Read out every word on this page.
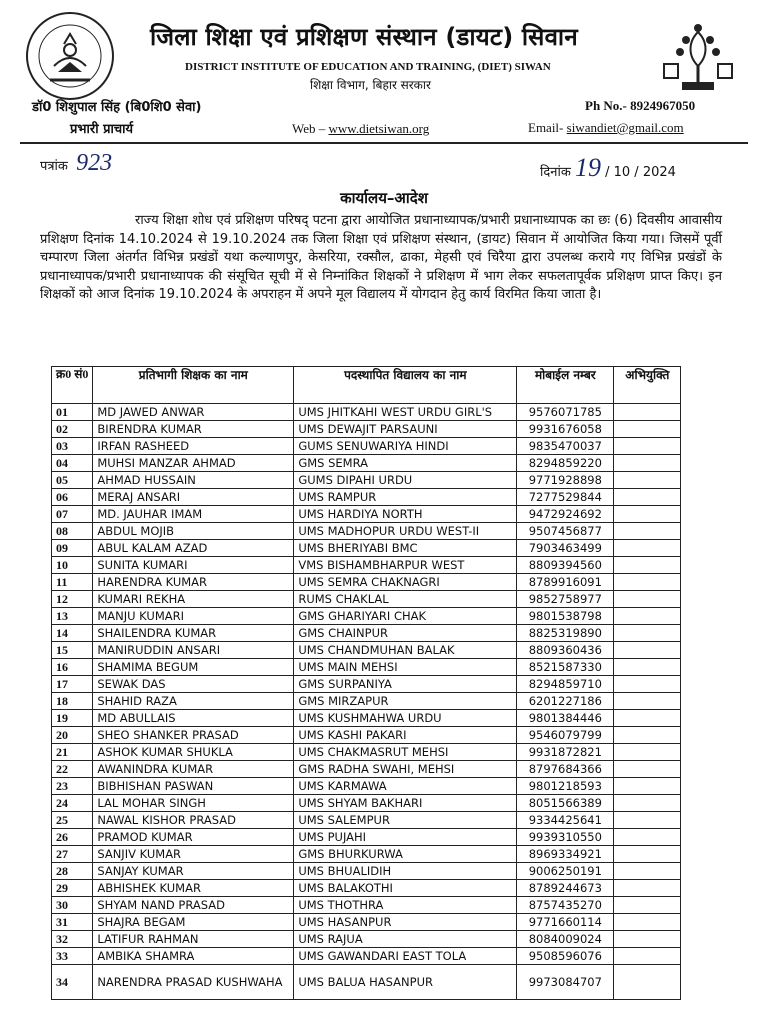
जिला शिक्षा एवं प्रशिक्षण संस्थान (डायट) सिवान
DISTRICT INSTITUTE OF EDUCATION AND TRAINING, (DIET) SIWAN
शिक्षा विभाग, बिहार सरकार
डॉ0 शिशुपाल सिंह (बि0शि0 सेवा)
प्रभारी प्राचार्य
Ph No.- 8924967050
Web – www.dietsiwan.org	Email- siwandiet@gmail.com
पत्रांक 923	दिनांक 19 / 10 / 2024
कार्यालय–आदेश
राज्य शिक्षा शोध एवं प्रशिक्षण परिषद् पटना द्वारा आयोजित प्रधानाध्यापक/प्रभारी प्रधानाध्यापक का छः (6) दिवसीय आवासीय प्रशिक्षण दिनांक 14.10.2024 से 19.10.2024 तक जिला शिक्षा एवं प्रशिक्षण संस्थान, (डायट) सिवान में आयोजित किया गया। जिसमें पूर्वी चम्पारण जिला अंतर्गत विभिन्न प्रखंडों यथा कल्याणपुर, केसरिया, रक्सौल, ढाका, मेहसी एवं चिरैया द्वारा उपलब्ध कराये गए विभिन्न प्रखंडों के प्रधानाध्यापक/प्रभारी प्रधानाध्यापक की संसूचित सूची में से निम्नांकित शिक्षकों ने प्रशिक्षण में भाग लेकर सफलतापूर्वक प्रशिक्षण प्राप्त किए। इन शिक्षकों को आज दिनांक 19.10.2024 के अपराहन में अपने मूल विद्यालय में योगदान हेतु कार्य विरमित किया जाता है।
क्र0 सं0	प्रतिभागी शिक्षक का नाम	पदस्थापित विद्यालय का नाम	मोबाईल नम्बर	अभियुक्ति
01	MD JAWED ANWAR	UMS JHITKAHI WEST URDU GIRL'S	9576071785	
02	BIRENDRA KUMAR	UMS DEWAJIT PARSAUNI	9931676058	
03	IRFAN RASHEED	GUMS SENUWARIYA HINDI	9835470037	
04	MUHSI MANZAR AHMAD	GMS SEMRA	8294859220	
05	AHMAD HUSSAIN	GUMS DIPAHI URDU	9771928898	
06	MERAJ ANSARI	UMS RAMPUR	7277529844	
07	MD. JAUHAR IMAM	UMS HARDIYA NORTH	9472924692	
08	ABDUL MOJIB	UMS MADHOPUR URDU WEST-II	9507456877	
09	ABUL KALAM AZAD	UMS BHERIYABI BMC	7903463499	
10	SUNITA KUMARI	VMS BISHAMBHARPUR WEST	8809394560	
11	HARENDRA KUMAR	UMS SEMRA CHAKNAGRI	8789916091	
12	KUMARI REKHA	RUMS CHAKLAL	9852758977	
13	MANJU KUMARI	GMS GHARIYARI CHAK	9801538798	
14	SHAILENDRA KUMAR	GMS CHAINPUR	8825319890	
15	MANIRUDDIN ANSARI	UMS CHANDMUHAN BALAK	8809360436	
16	SHAMIMA BEGUM	UMS MAIN MEHSI	8521587330	
17	SEWAK DAS	GMS SURPANIYA	8294859710	
18	SHAHID RAZA	GMS MIRZAPUR	6201227186	
19	MD ABULLAIS	UMS KUSHMAHWA URDU	9801384446	
20	SHEO SHANKER PRASAD	UMS KASHI PAKARI	9546079799	
21	ASHOK KUMAR SHUKLA	UMS CHAKMASRUT MEHSI	9931872821	
22	AWANINDRA KUMAR	GMS RADHA SWAHI, MEHSI	8797684366	
23	BIBHISHAN PASWAN	UMS KARMAWA	9801218593	
24	LAL MOHAR SINGH	UMS SHYAM BAKHARI	8051566389	
25	NAWAL KISHOR PRASAD	UMS SALEMPUR	9334425641	
26	PRAMOD KUMAR	UMS PUJAHI	9939310550	
27	SANJIV KUMAR	GMS BHURKURWA	8969334921	
28	SANJAY KUMAR	UMS BHUALIDIH	9006250191	
29	ABHISHEK KUMAR	UMS BALAKOTHI	8789244673	
30	SHYAM NAND PRASAD	UMS THOTHRA	8757435270	
31	SHAJRA BEGAM	UMS HASANPUR	9771660114	
32	LATIFUR RAHMAN	UMS RAJUA	8084009024	
33	AMBIKA SHAMRA	UMS GAWANDARI EAST TOLA	9508596076	
34	NARENDRA PRASAD KUSHWAHA	UMS BALUA HASANPUR	9973084707	
